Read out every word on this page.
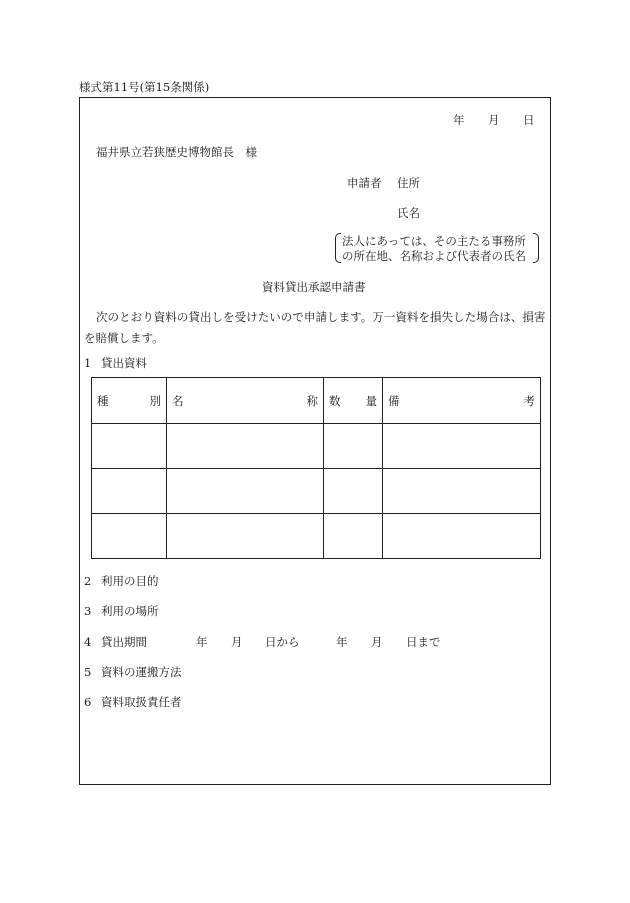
様式第11号(第15条関係)
年 月 日
福井県立若狭歴史博物館長　様
申請者 住所
氏名
法人にあっては、その主たる事務所
の所在地、名称および代表者の氏名
資料貸出承認申請書
次のとおり資料の貸出しを受けたいので申請します。万一資料を損失した場合は、損害
を賠償します。
1 貸出資料
種 別	名 称	数 量	備 考

2 利用の目的
3 利用の場所
4 貸出期間	年 月 日から	年 月 日まで
5 資料の運搬方法
6 資料取扱責任者
